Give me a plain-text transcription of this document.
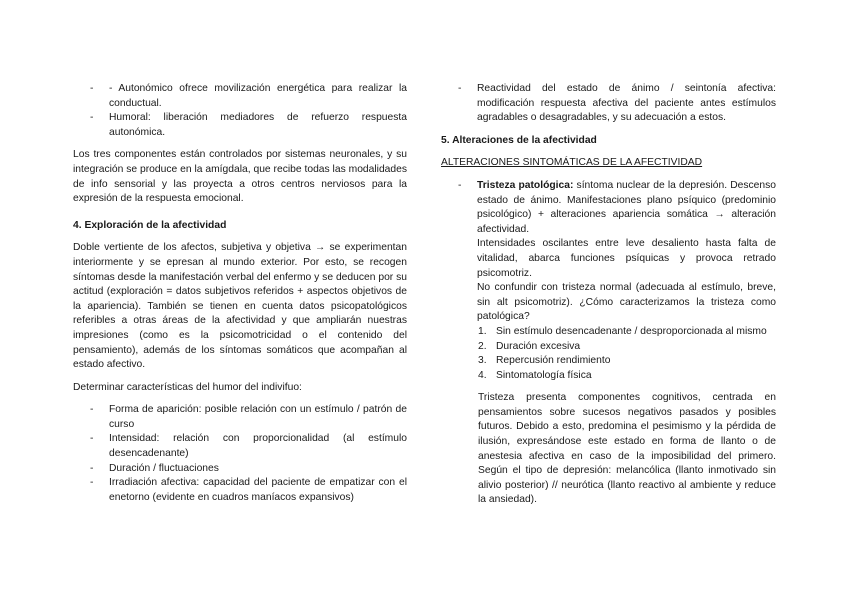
- - Autonómico ofrece movilización energética para realizar la conductual.
- Humoral: liberación mediadores de refuerzo respuesta autonómica.

Los tres componentes están controlados por sistemas neuronales, y su integración se produce en la amígdala, que recibe todas las modalidades de info sensorial y las proyecta a otros centros nerviosos para la expresión de la respuesta emocional.

4. Exploración de la afectividad

Doble vertiente de los afectos, subjetiva y objetiva → se experimentan interiormente y se epresan al mundo exterior. Por esto, se recogen síntomas desde la manifestación verbal del enfermo y se deducen por su actitud (exploración = datos subjetivos referidos + aspectos objetivos de la apariencia). También se tienen en cuenta datos psicopatológicos referibles a otras áreas de la afectividad y que ampliarán nuestras impresiones (como es la psicomotricidad o el contenido del pensamiento), además de los síntomas somáticos que acompañan al estado afectivo.

Determinar características del humor del indivifuo:

- Forma de aparición: posible relación con un estímulo / patrón de curso
- Intensidad: relación con proporcionalidad (al estímulo desencadenante)
- Duración / fluctuaciones
- Irradiación afectiva: capacidad del paciente de empatizar con el enetorno (evidente en cuadros maníacos expansivos)
- Reactividad del estado de ánimo / seintonía afectiva: modificación respuesta afectiva del paciente antes estímulos agradables o desagradables, y su adecuación a estos.
5. Alteraciones de la afectividad
ALTERACIONES SINTOMÁTICAS DE LA AFECTIVIDAD
- Tristeza patológica: síntoma nuclear de la depresión. Descenso estado de ánimo. Manifestaciones plano psíquico (predominio psicológico) + alteraciones apariencia somática → alteración afectividad.
Intensidades oscilantes entre leve desaliento hasta falta de vitalidad, abarca funciones psíquicas y provoca retrado psicomotriz.
No confundir con tristeza normal (adecuada al estímulo, breve, sin alt psicomotriz). ¿Cómo caracterizamos la tristeza como patológica?
1. Sin estímulo desencadenante / desproporcionada al mismo
2. Duración excesiva
3. Repercusión rendimiento
4. Sintomatología física

Tristeza presenta componentes cognitivos, centrada en pensamientos sobre sucesos negativos pasados y posibles futuros. Debido a esto, predomina el pesimismo y la pérdida de ilusión, expresándose este estado en forma de llanto o de anestesia afectiva en caso de la imposibilidad del primero. Según el tipo de depresión: melancólica (llanto inmotivado sin alivio posterior) // neurótica (llanto reactivo al ambiente y reduce la ansiedad).
